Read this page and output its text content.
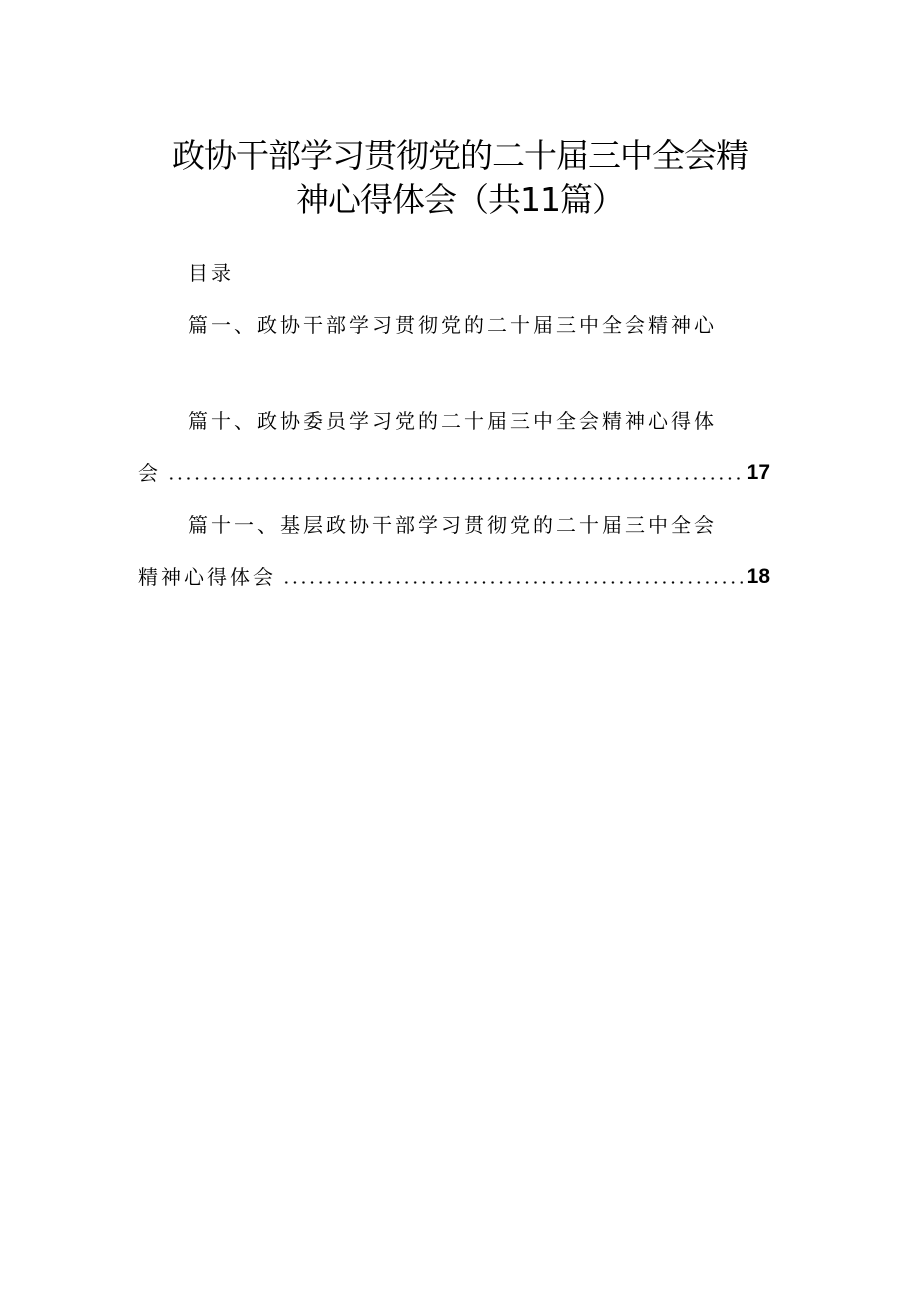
政协干部学习贯彻党的二十届三中全会精
神心得体会（共11篇）
目录
篇一、政协干部学习贯彻党的二十届三中全会精神心
篇十、政协委员学习党的二十届三中全会精神心得体
会	17
篇十一、基层政协干部学习贯彻党的二十届三中全会
精神心得体会	18
